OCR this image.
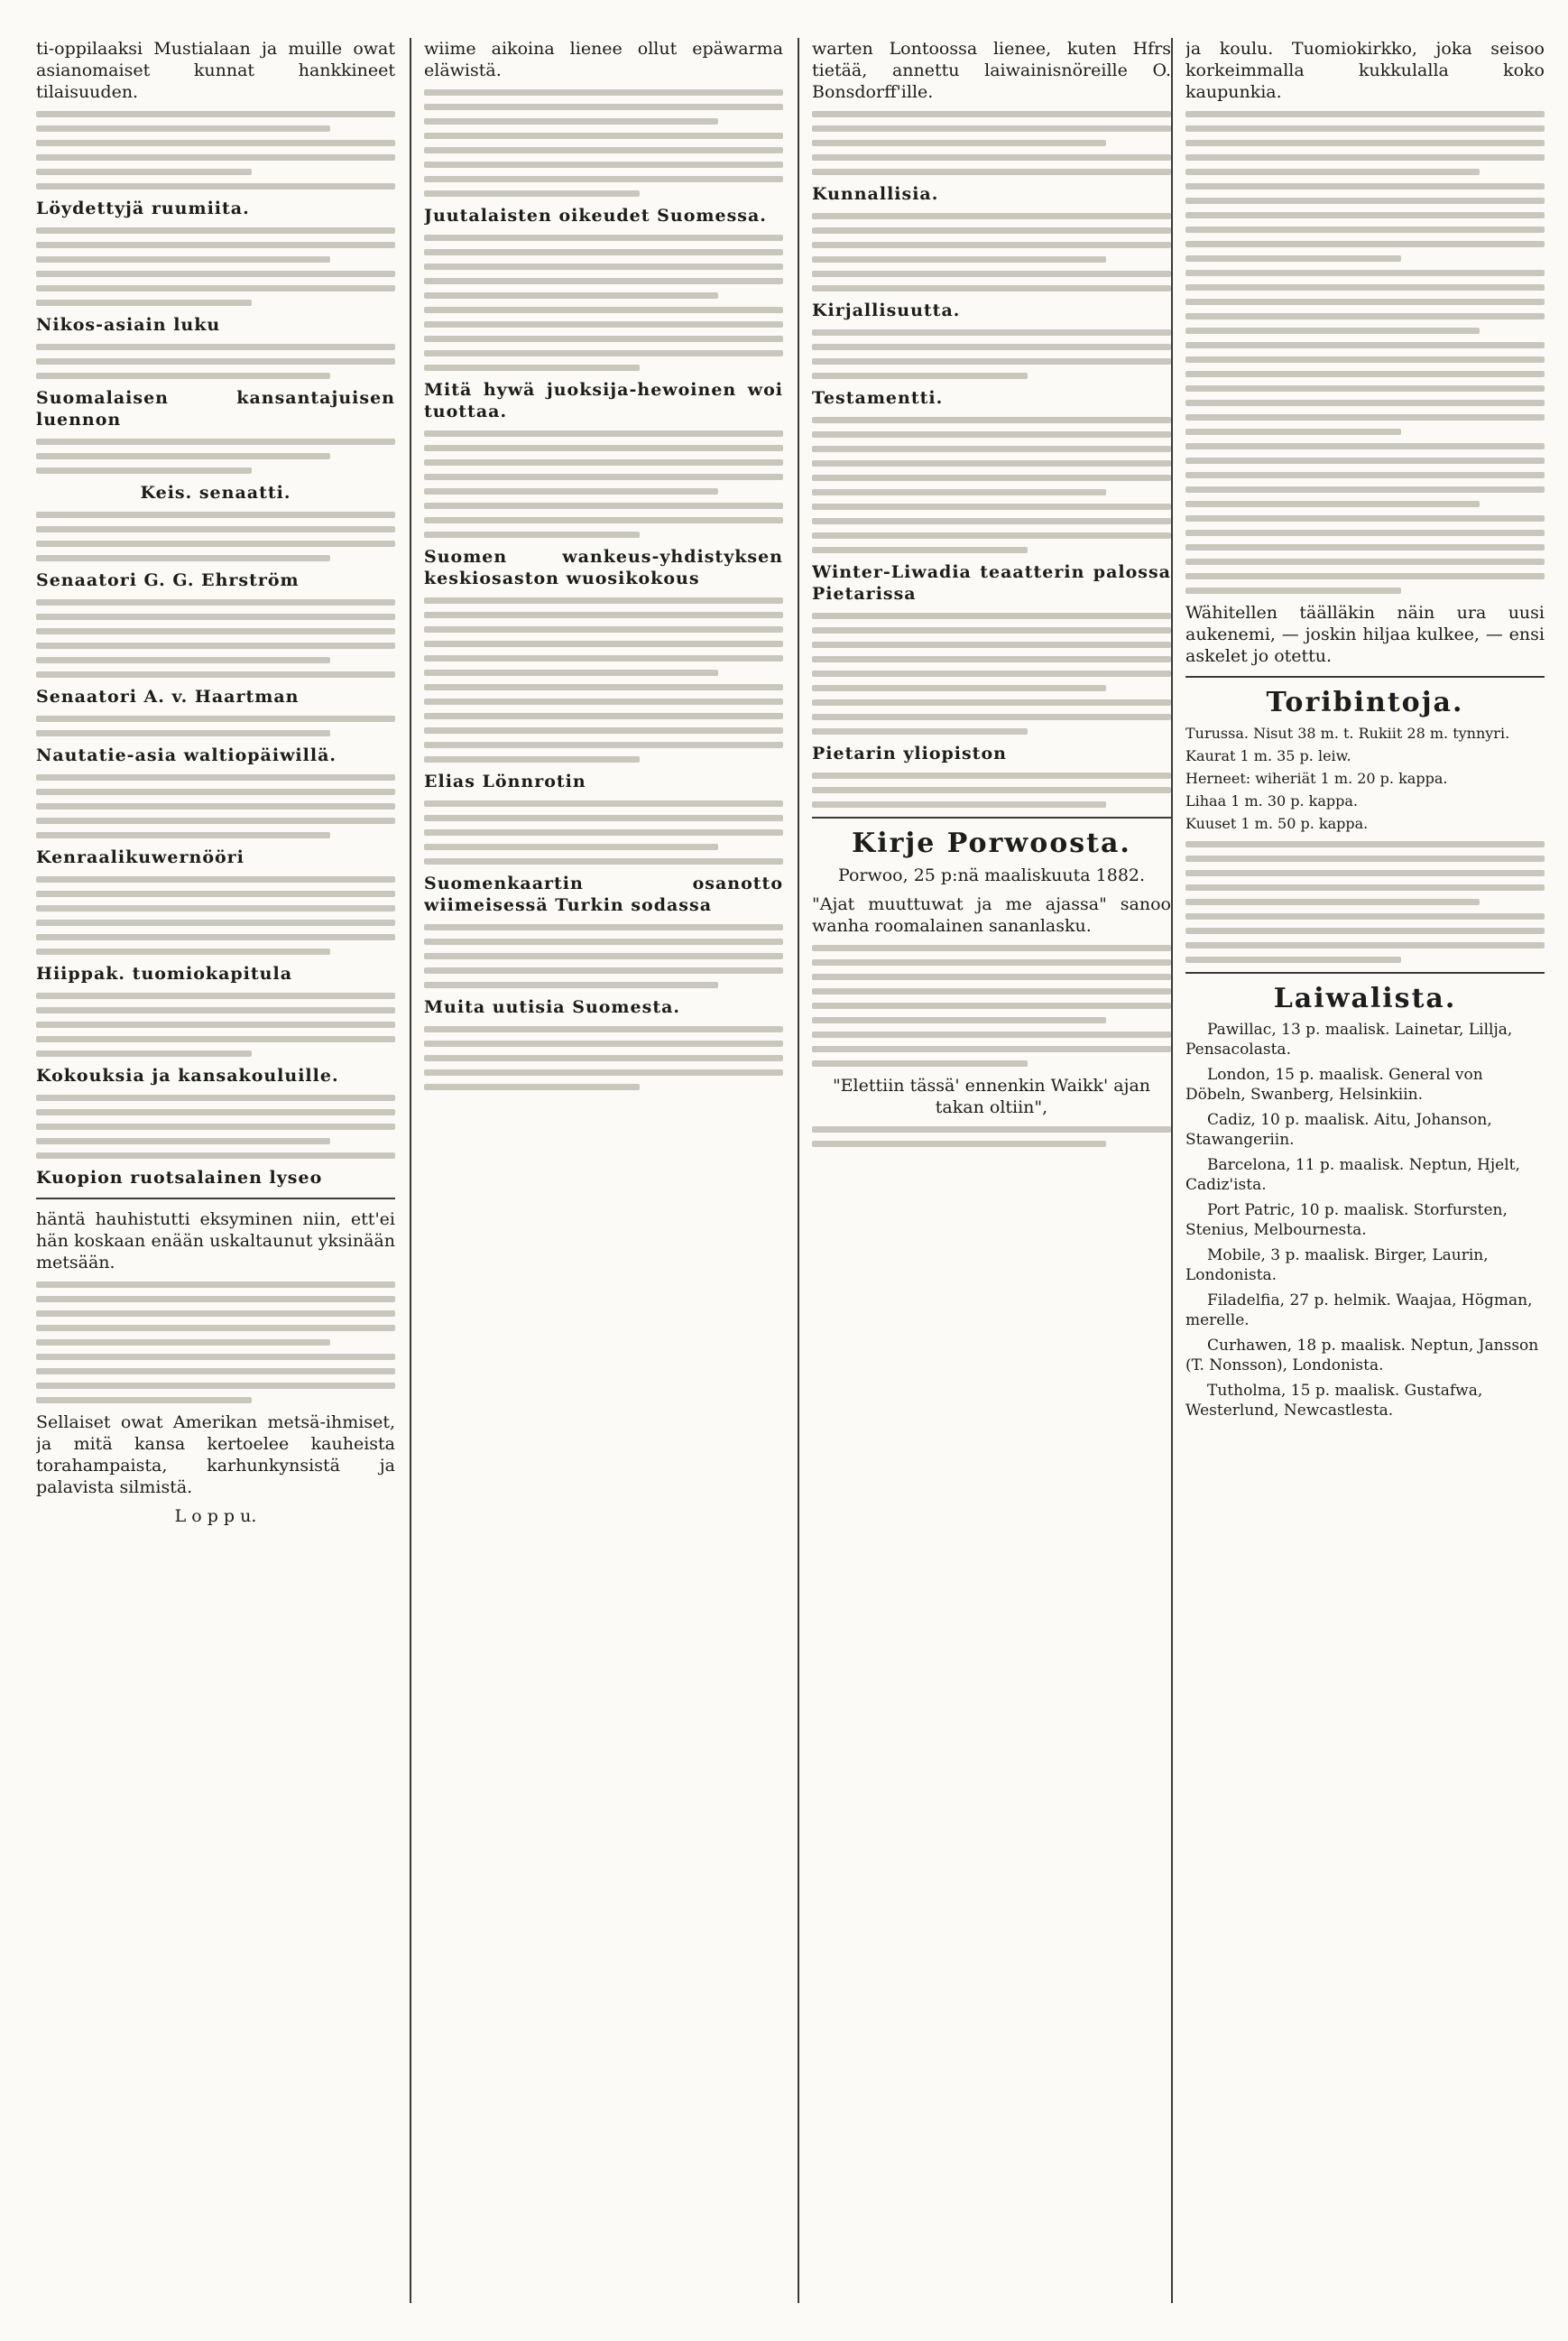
ti-oppilaaksi Mustialaan ja muille owat asianomaiset kunnat hankkineet tilaisuuden.

Löydettyjä ruumiita.
Nikos-asiain luku
Suomalaisen kansantajuisen luennon
Keis. senaatti.
Senaatori G. G. Ehrström
Senaatori A. v. Haartman
Nautatie-asia waltiopäiwillä.
Kenraalikuwernööri
Hiippak. tuomiokapitula
Kokouksia ja kansakouluille.
Kuopion ruotsalainen lyseo

häntä hauhistutti eksyminen niin, ett'ei hän koskaan enään uskaltaunut yksinään metsään.

Sellaiset owat Amerikan metsä-ihmiset, ja mitä kansa kertoelee kauheista torahampaista, karhunkynsistä ja palavista silmistä.

L o p p u.

wiime aikoina lienee ollut epäwarma eläwistä.

Juutalaisten oikeudet Suomessa.
Mitä hywä juoksija-hewoinen woi tuottaa.
Suomen wankeus-yhdistyksen keskiosaston wuosikokous
Elias Lönnrotin
Suomenkaartin osanotto wiimeisessä Turkin sodassa
Muita uutisia Suomesta.

warten Lontoossa lienee, kuten Hfrs tietää, annettu laiwainisnöreille O. Bonsdorff'ille.

Kunnallisia.
Kirjallisuutta.
Testamentti.
Winter-Liwadia teaatterin palossa Pietarissa
Pietarin yliopiston
Kirje Porwoosta.

Porwoo, 25 p:nä maaliskuuta 1882.

"Ajat muuttuwat ja me ajassa" sanoo wanha roomalainen sananlasku.

"Elettiin tässä' ennenkin Waikk' ajan takan oltiin",

ja koulu. Tuomiokirkko, joka seisoo korkeimmalla kukkulalla koko kaupunkia.

Wähitellen täälläkin näin ura uusi aukenemi, — joskin hiljaa kulkee, — ensi askelet jo otettu.

Toribintoja.

Turussa. Nisut 38 m. t. Rukiit 28 m. tynnyri.

Kaurat 1 m. 35 p. leiw.

Herneet: wiheriät 1 m. 20 p. kappa.

Lihaa 1 m. 30 p. kappa.

Kuuset 1 m. 50 p. kappa.

Laiwalista.

Pawillac, 13 p. maalisk. Lainetar, Lillja, Pensacolasta.

London, 15 p. maalisk. General von Döbeln, Swanberg, Helsinkiin.

Cadiz, 10 p. maalisk. Aitu, Johanson, Stawangeriin.

Barcelona, 11 p. maalisk. Neptun, Hjelt, Cadiz'ista.

Port Patric, 10 p. maalisk. Storfursten, Stenius, Melbournesta.

Mobile, 3 p. maalisk. Birger, Laurin, Londonista.

Filadelfia, 27 p. helmik. Waajaa, Högman, merelle.

Curhawen, 18 p. maalisk. Neptun, Jansson (T. Nonsson), Londonista.

Tutholma, 15 p. maalisk. Gustafwa, Westerlund, Newcastlesta.
